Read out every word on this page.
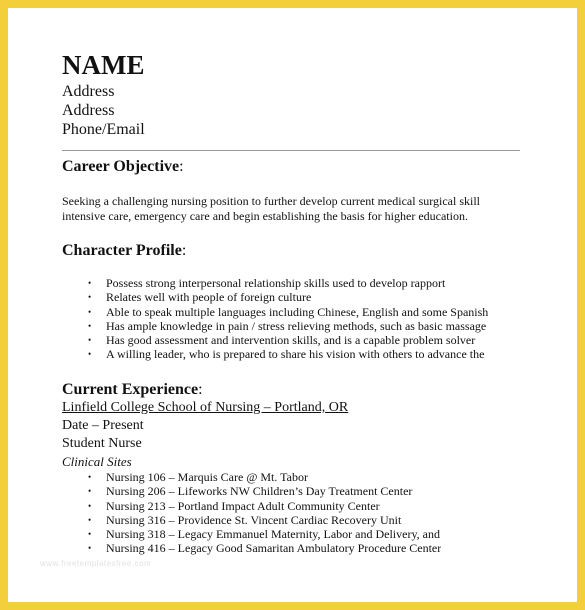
NAME

Address

Address

Phone/Email

Career Objective:

Seeking a challenging nursing position to further develop current medical surgical skill

intensive care, emergency care and begin establishing the basis for higher education.

Character Profile:

• Possess strong interpersonal relationship skills used to develop rapport
• Relates well with people of foreign culture
• Able to speak multiple languages including Chinese, English and some Spanish
• Has ample knowledge in pain / stress relieving methods, such as basic massage
• Has good assessment and intervention skills, and is a capable problem solver
• A willing leader, who is prepared to share his vision with others to advance the

Current Experience:

Linfield College School of Nursing – Portland, OR

Date – Present

Student Nurse

Clinical Sites

• Nursing 106 – Marquis Care @ Mt. Tabor
• Nursing 206 – Lifeworks NW Children’s Day Treatment Center
• Nursing 213 – Portland Impact Adult Community Center
• Nursing 316 – Providence St. Vincent Cardiac Recovery Unit
• Nursing 318 – Legacy Emmanuel Maternity, Labor and Delivery, and
• Nursing 416 – Legacy Good Samaritan Ambulatory Procedure Center
www.freetemplatesfree.com
